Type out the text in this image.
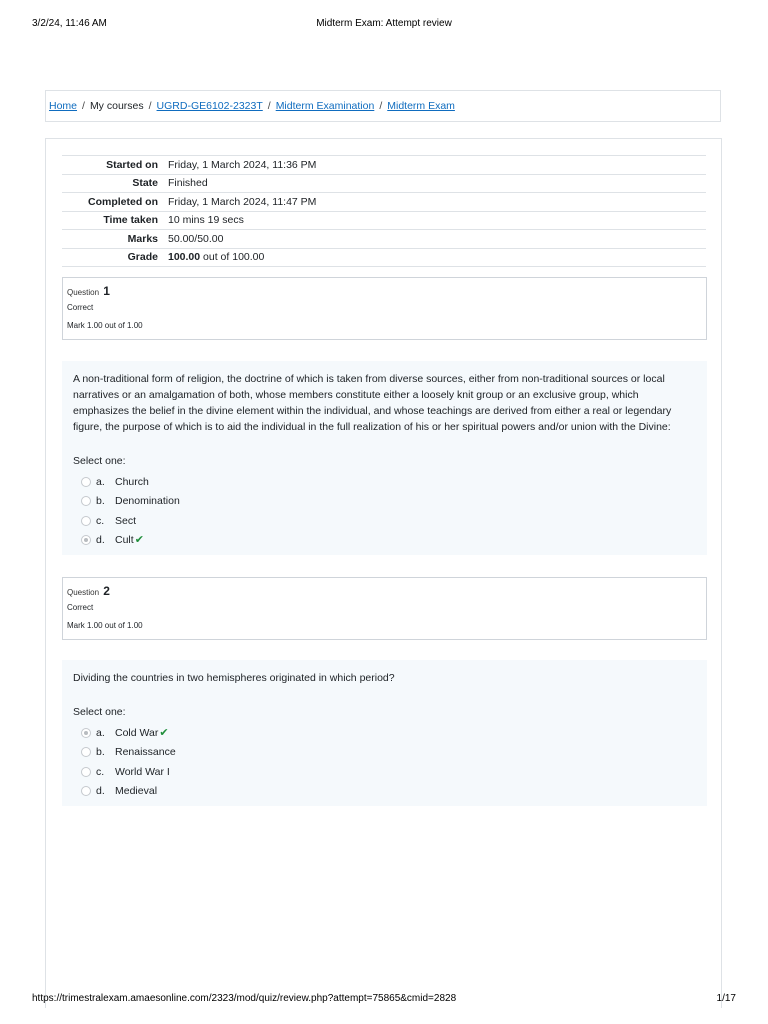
3/2/24, 11:46 AM	Midterm Exam: Attempt review
Home / My courses / UGRD-GE6102-2323T / Midterm Examination / Midterm Exam
Started on	Friday, 1 March 2024, 11:36 PM
State	Finished
Completed on	Friday, 1 March 2024, 11:47 PM
Time taken	10 mins 19 secs
Marks	50.00/50.00
Grade	100.00 out of 100.00
Question 1
Correct
Mark 1.00 out of 1.00
A non-traditional form of religion, the doctrine of which is taken from diverse sources, either from non-traditional sources or local narratives or an amalgamation of both, whose members constitute either a loosely knit group or an exclusive group, which emphasizes the belief in the divine element within the individual, and whose teachings are derived from either a real or legendary figure, the purpose of which is to aid the individual in the full realization of his or her spiritual powers and/or union with the Divine:
Select one:
a. Church
b. Denomination
c.	Sect
d. Cult ✔
Question 2
Correct
Mark 1.00 out of 1.00
Dividing the countries in two hemispheres originated in which period?
Select one:
a. Cold War ✔
b. Renaissance
c.	World War I
d. Medieval
https://trimestralexam.amaesonline.com/2323/mod/quiz/review.php?attempt=75865&cmid=2828	1/17
